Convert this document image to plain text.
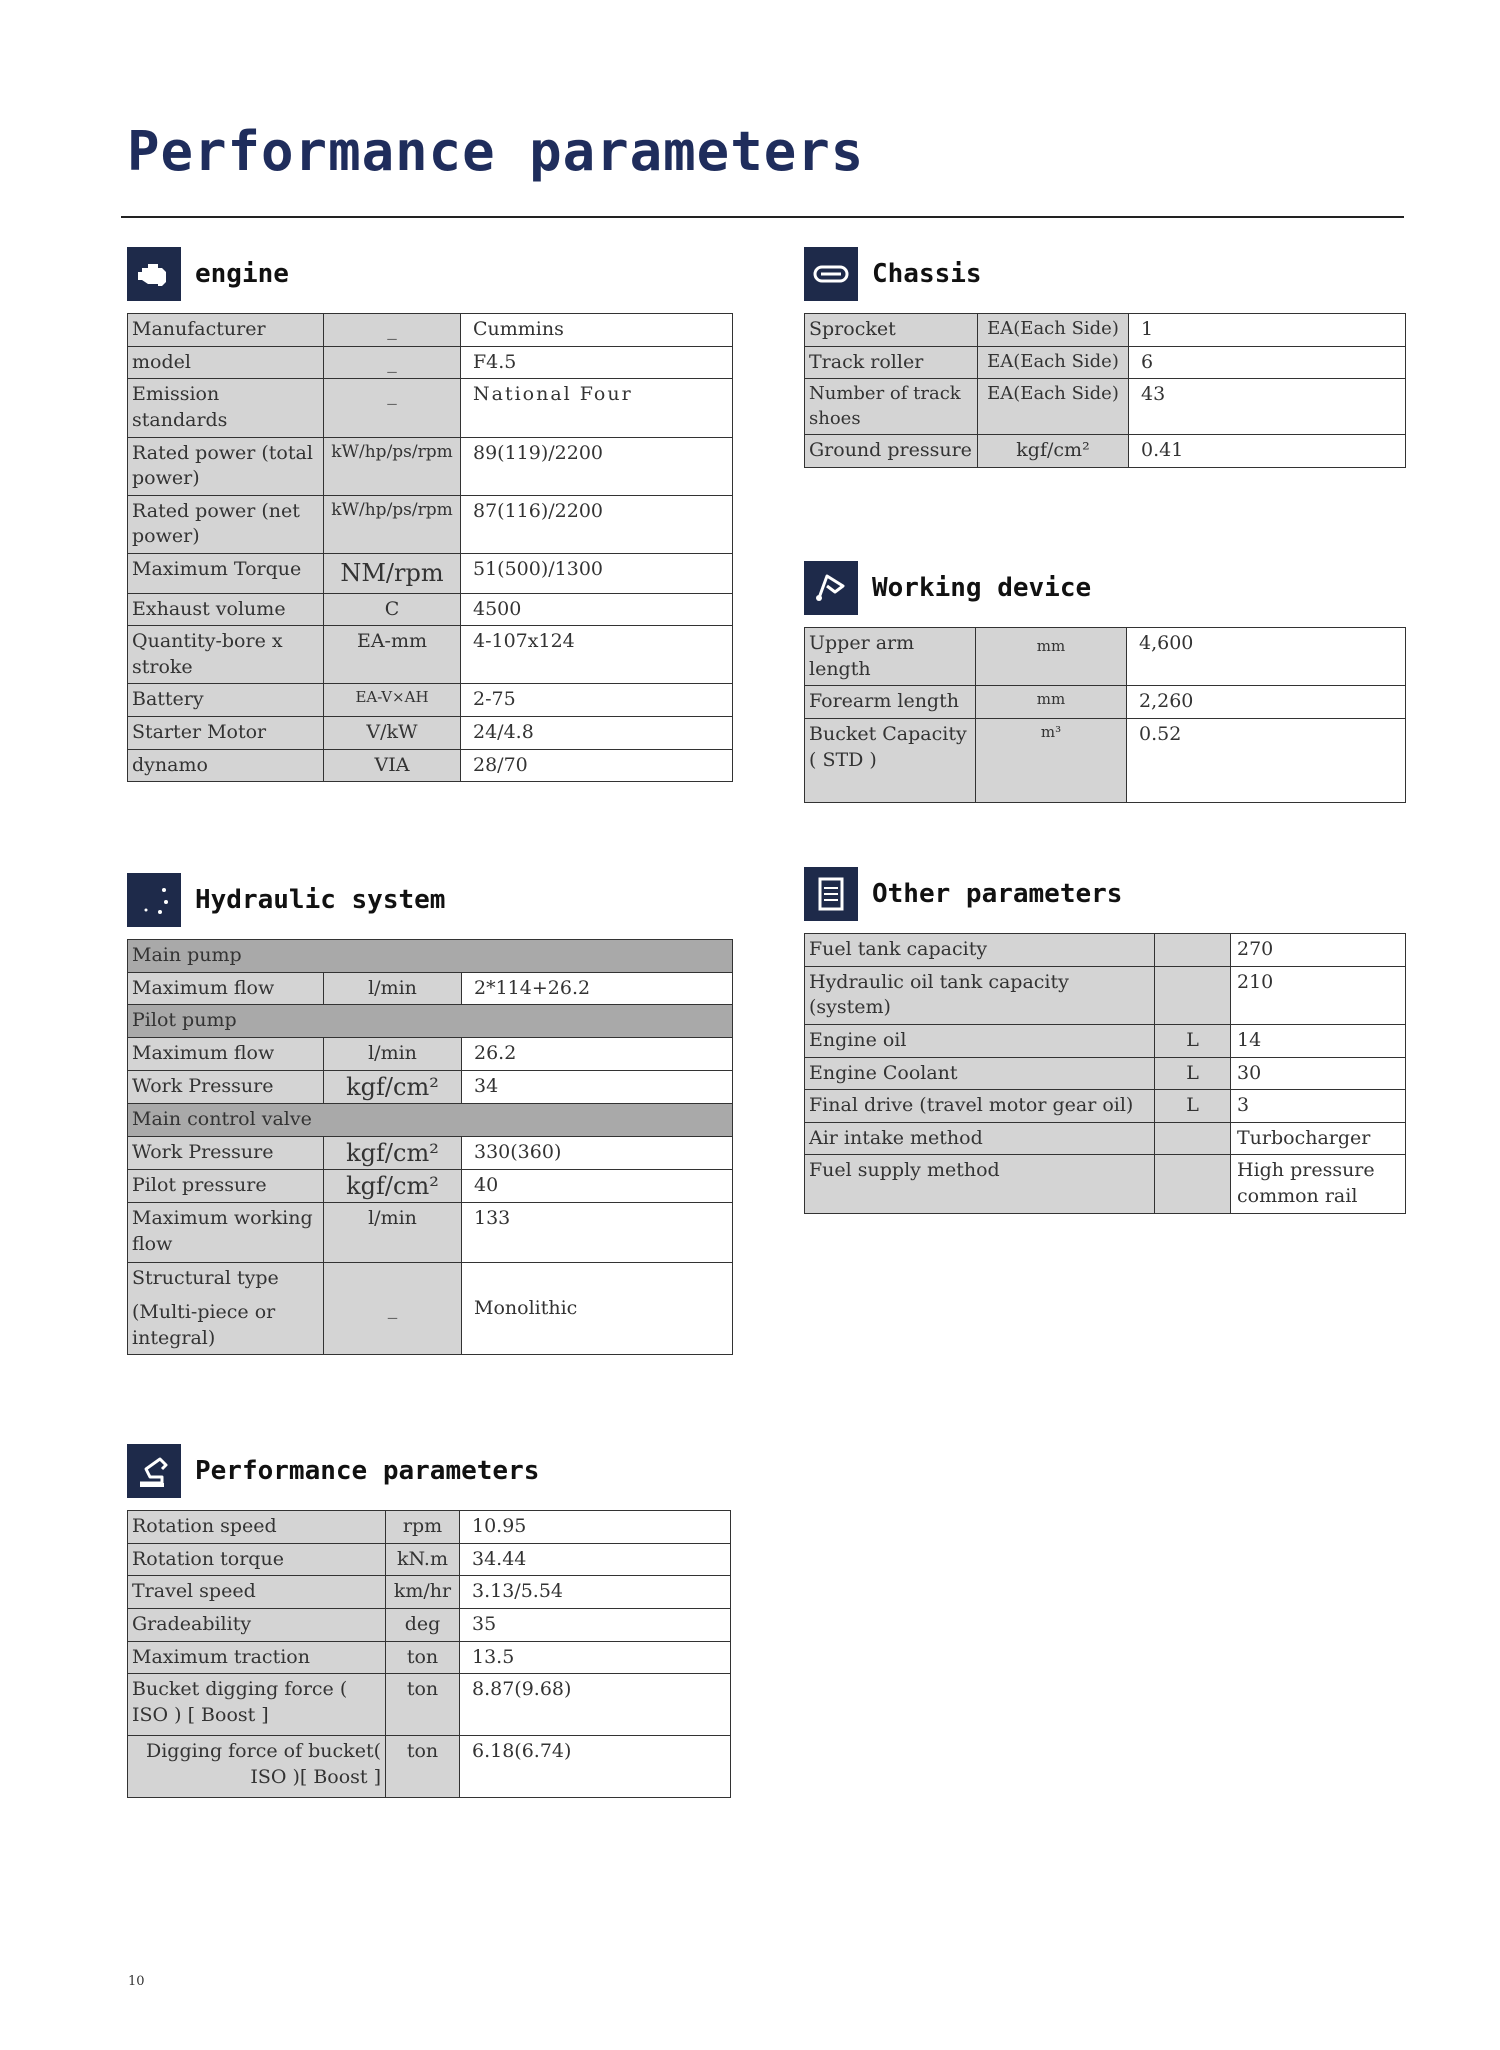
Performance parameters
engine
Manufacturer	_	Cummins
model	_	F4.5
Emission standards	_	National Four
Rated power (total power)	kW/hp/ps/rpm	89(119)/2200
Rated power (net power)	kW/hp/ps/rpm	87(116)/2200
Maximum Torque	NM/rpm	51(500)/1300
Exhaust volume	C	4500
Quantity-bore x stroke	EA-mm	4-107x124
Battery	EA-V×AH	2-75
Starter Motor	V/kW	24/4.8
dynamo	VIA	28/70
Chassis
Sprocket	EA(Each Side)	1
Track roller	EA(Each Side)	6
Number of track shoes	EA(Each Side)	43
Ground pressure	kgf/cm²	0.41
Working device
Upper arm length	mm	4,600
Forearm length	mm	2,260
Bucket Capacity ( STD )	m³	0.52
Other parameters
Fuel tank capacity		270
Hydraulic oil tank capacity (system)		210
Engine oil	L	14
Engine Coolant	L	30
Final drive (travel motor gear oil)	L	3
Air intake method		Turbocharger
Fuel supply method		High pressure common rail
Hydraulic system
Main pump		
Maximum flow	l/min	2*114+26.2
Pilot pump		
Maximum flow	l/min	26.2
Work Pressure	kgf/cm²	34
Main control valve		
Work Pressure	kgf/cm²	330(360)
Pilot pressure	kgf/cm²	40
Maximum working flow	l/min	133

Structural type
(Multi-piece or integral)	_	Monolithic
Performance parameters
Rotation speed	rpm	10.95
Rotation torque	kN.m	34.44
Travel speed	km/hr	3.13/5.54
Gradeability	deg	35
Maximum traction	ton	13.5
Bucket digging force ( ISO ) [ Boost ]	ton	8.87(9.68)
Digging force of bucket( ISO )[ Boost ]	ton	6.18(6.74)
10
